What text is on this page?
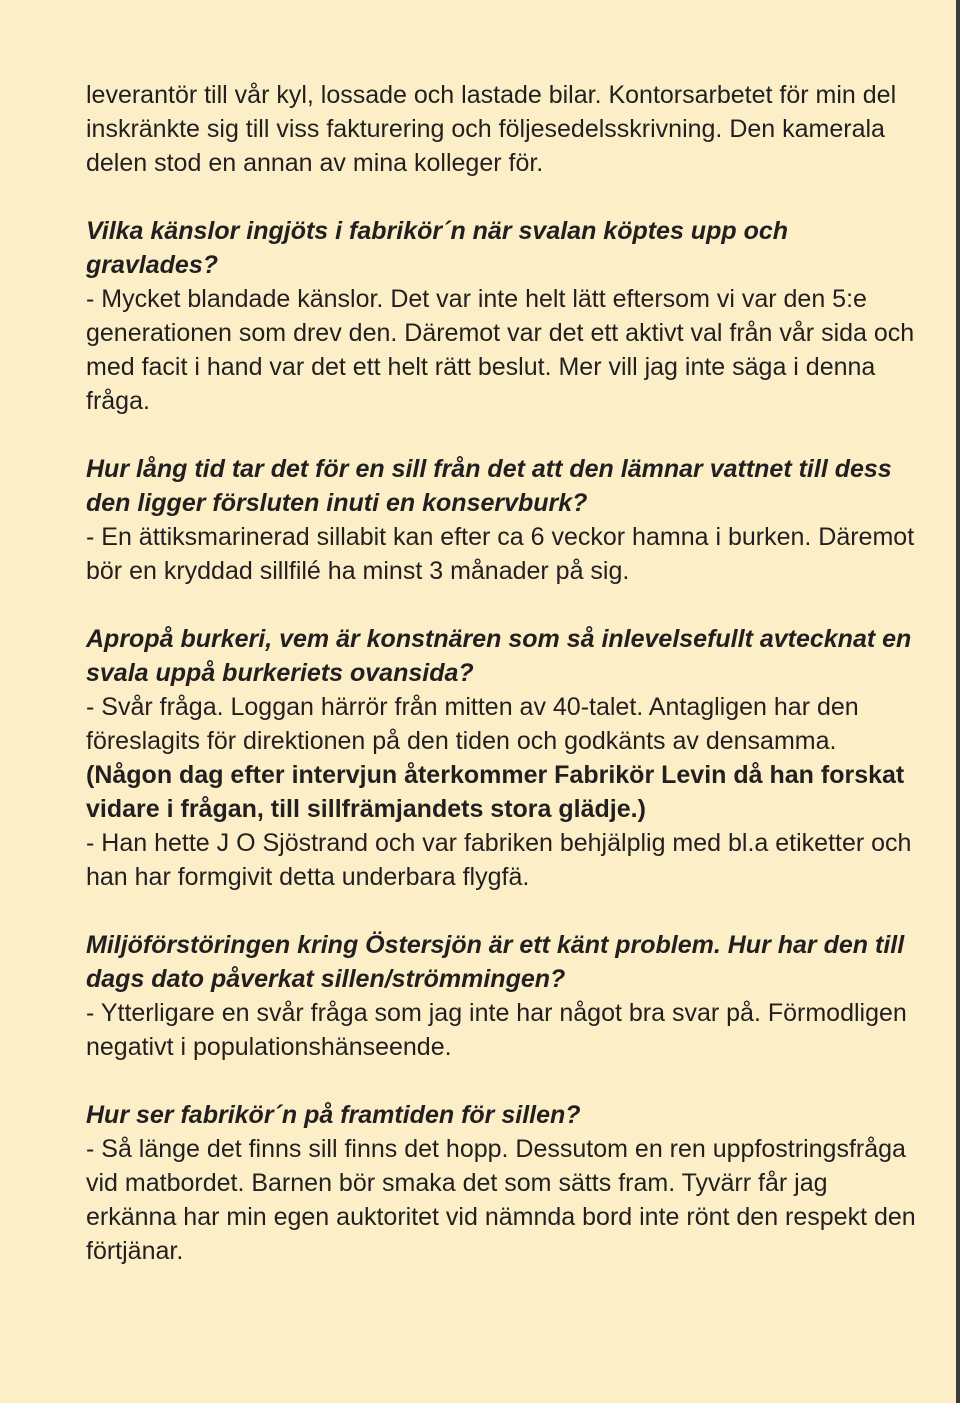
leverantör till vår kyl, lossade och lastade bilar. Kontorsarbetet för min del inskränkte sig till viss fakturering och följesedelsskrivning. Den kamerala delen stod en annan av mina kolleger för.

Vilka känslor ingjöts i fabrikör´n när svalan köptes upp och gravlades?

- Mycket blandade känslor. Det var inte helt lätt eftersom vi var den 5:e generationen som drev den. Däremot var det ett aktivt val från vår sida och med facit i hand var det ett helt rätt beslut. Mer vill jag inte säga i denna fråga.

Hur lång tid tar det för en sill från det att den lämnar vattnet till dess den ligger försluten inuti en konservburk?

- En ättiksmarinerad sillabit kan efter ca 6 veckor hamna i burken. Däremot bör en kryddad sillfilé ha minst 3 månader på sig.

Apropå burkeri, vem är konstnären som så inlevelsefullt avtecknat en svala uppå burkeriets ovansida?

- Svår fråga. Loggan härrör från mitten av 40-talet. Antagligen har den föreslagits för direktionen på den tiden och godkänts av densamma.

(Någon dag efter intervjun återkommer Fabrikör Levin då han forskat vidare i frågan, till sillfrämjandets stora glädje.)

- Han hette J O Sjöstrand och var fabriken behjälplig med bl.a etiketter och han har formgivit detta underbara flygfä.

Miljöförstöringen kring Östersjön är ett känt problem. Hur har den till dags dato påverkat sillen/strömmingen?

- Ytterligare en svår fråga som jag inte har något bra svar på. Förmodligen negativt i populationshänseende.

Hur ser fabrikör´n på framtiden för sillen?

- Så länge det finns sill finns det hopp. Dessutom en ren uppfostringsfråga vid matbordet. Barnen bör smaka det som sätts fram. Tyvärr får jag erkänna har min egen auktoritet vid nämnda bord inte rönt den respekt den förtjänar.
